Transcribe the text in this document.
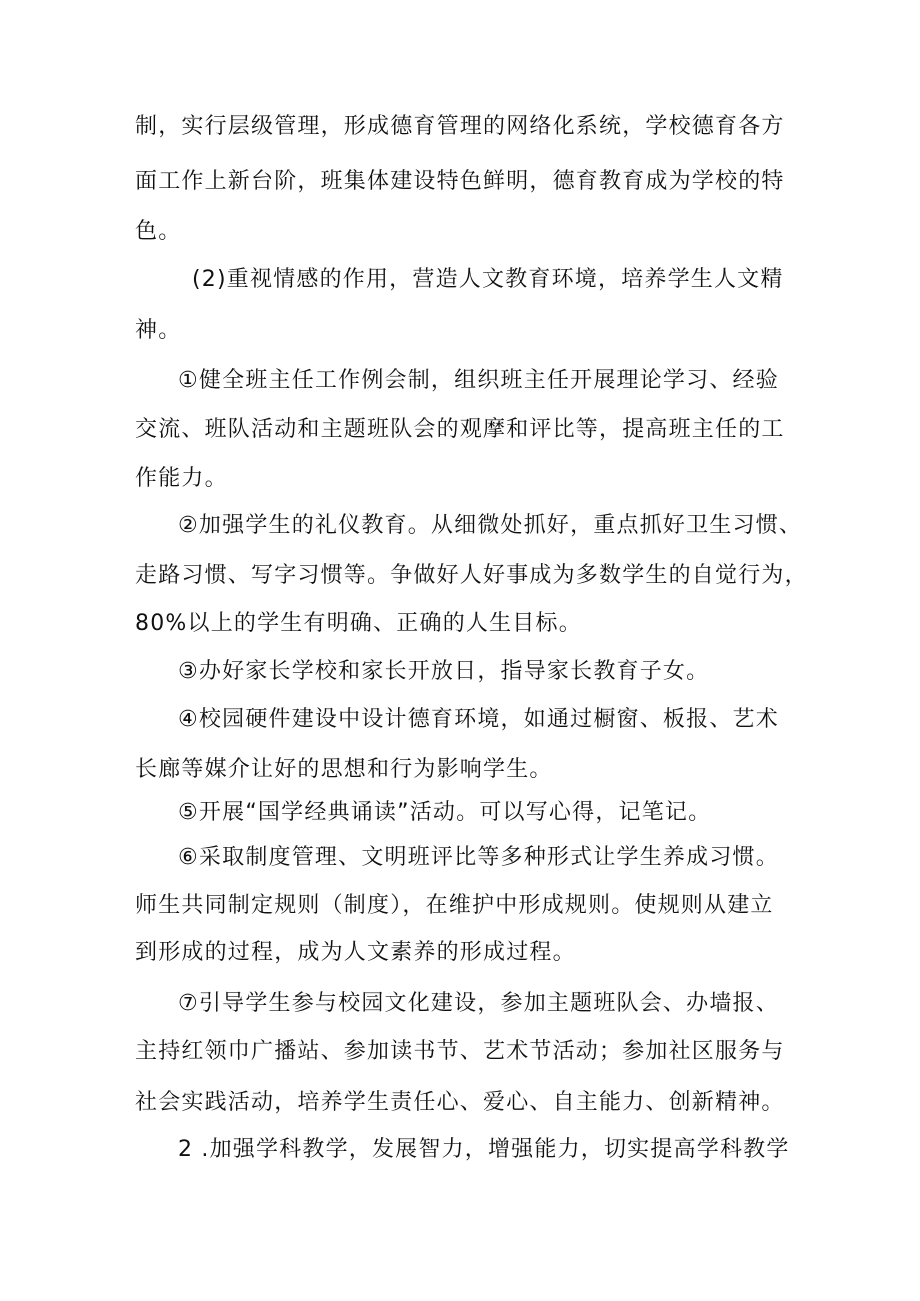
制，实行层级管理，形成德育管理的网络化系统，学校德育各方
面工作上新台阶，班集体建设特色鲜明，德育教育成为学校的特
色。
(2)重视情感的作用，营造人文教育环境，培养学生人文精
神。
①健全班主任工作例会制，组织班主任开展理论学习、经验
交流、班队活动和主题班队会的观摩和评比等，提高班主任的工
作能力。
②加强学生的礼仪教育。从细微处抓好，重点抓好卫生习惯、
走路习惯、写字习惯等。争做好人好事成为多数学生的自觉行为，
80%以上的学生有明确、正确的人生目标。
③办好家长学校和家长开放日，指导家长教育子女。
④校园硬件建设中设计德育环境，如通过橱窗、板报、艺术
长廊等媒介让好的思想和行为影响学生。
⑤开展“国学经典诵读”活动。可以写心得，记笔记。
⑥采取制度管理、文明班评比等多种形式让学生养成习惯。
师生共同制定规则（制度），在维护中形成规则。使规则从建立
到形成的过程，成为人文素养的形成过程。
⑦引导学生参与校园文化建设，参加主题班队会、办墙报、
主持红领巾广播站、参加读书节、艺术节活动；参加社区服务与
社会实践活动，培养学生责任心、爱心、自主能力、创新精神。
2 .加强学科教学，发展智力，增强能力，切实提高学科教学
